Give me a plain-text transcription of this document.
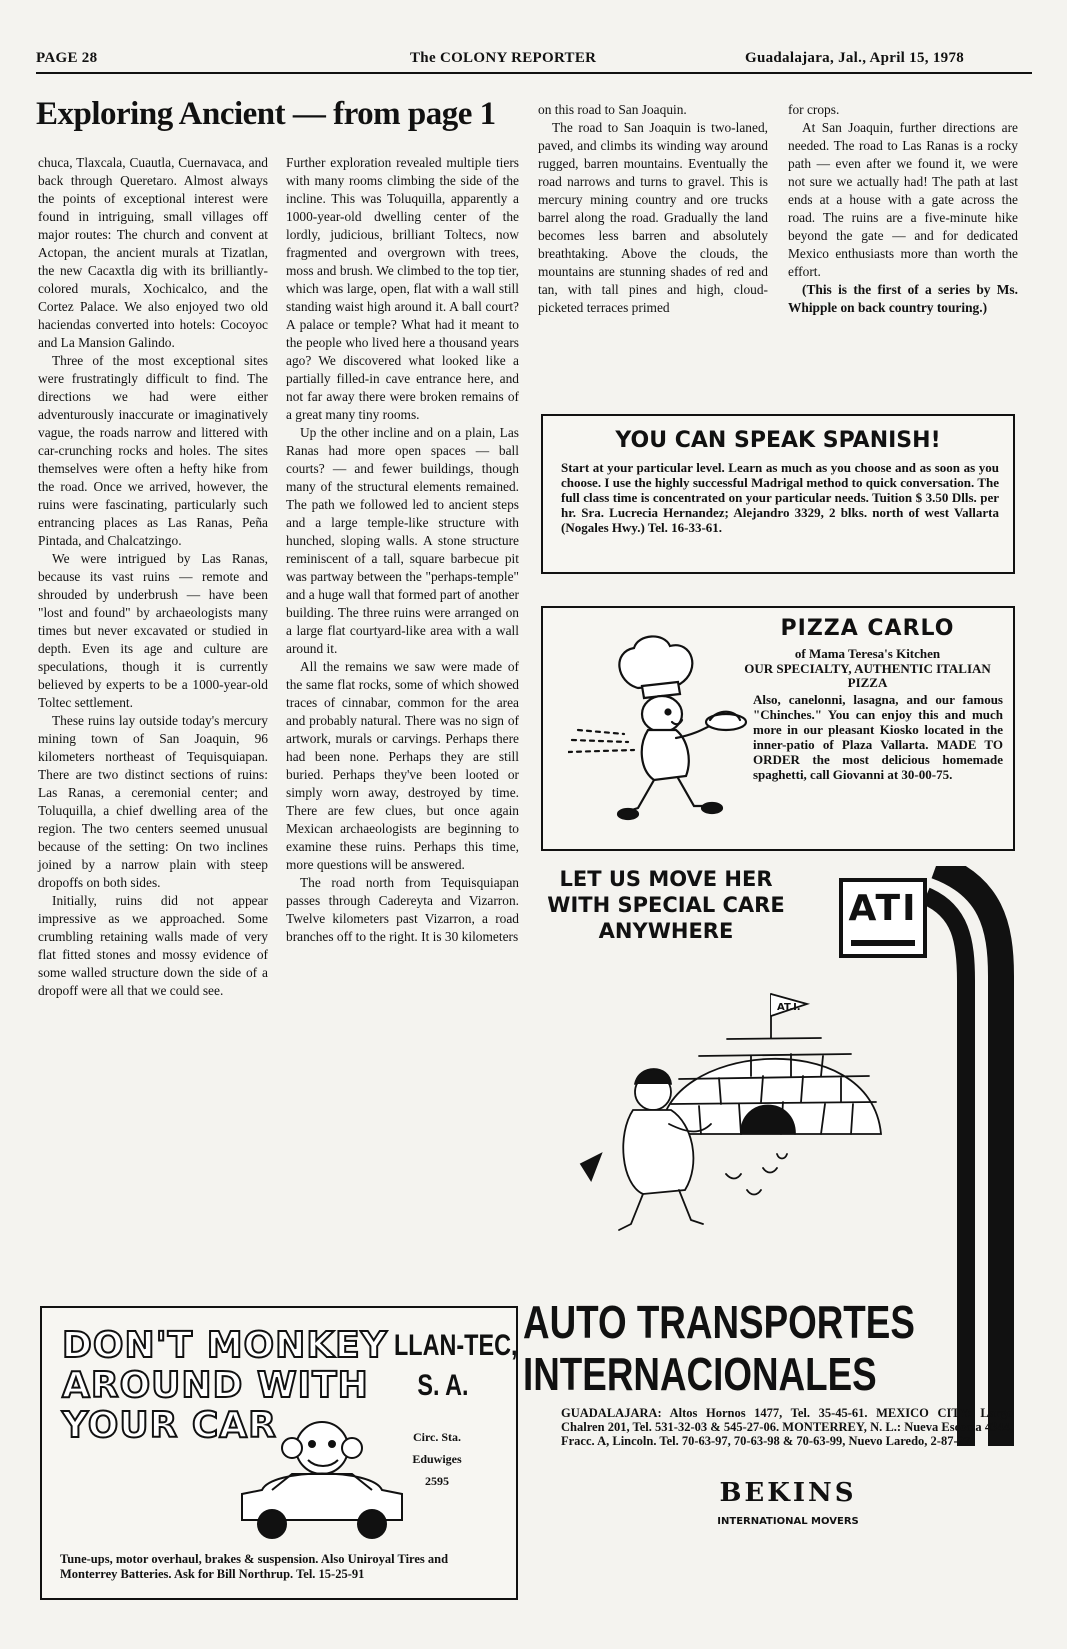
PAGE 28	The COLONY REPORTER	Guadalajara, Jal., April 15, 1978
Exploring Ancient — from page 1

chuca, Tlaxcala, Cuautla, Cuernavaca, and back through Queretaro. Almost always the points of exceptional interest were found in intriguing, small villages off major routes: The church and convent at Actopan, the ancient murals at Tizatlan, the new Cacaxtla dig with its brilliantly-colored murals, Xochicalco, and the Cortez Palace. We also enjoyed two old haciendas converted into hotels: Cocoyoc and La Mansion Galindo.

Three of the most exceptional sites were frustratingly difficult to find. The directions we had were either adventurously inaccurate or imaginatively vague, the roads narrow and littered with car-crunching rocks and holes. The sites themselves were often a hefty hike from the road. Once we arrived, however, the ruins were fascinating, particularly such entrancing places as Las Ranas, Peña Pintada, and Chalcatzingo.

We were intrigued by Las Ranas, because its vast ruins — remote and shrouded by underbrush — have been "lost and found" by archaeologists many times but never excavated or studied in depth. Even its age and culture are speculations, though it is currently believed by experts to be a 1000-year-old Toltec settlement.

These ruins lay outside today's mercury mining town of San Joaquin, 96 kilometers northeast of Tequisquiapan. There are two distinct sections of ruins: Las Ranas, a ceremonial center; and Toluquilla, a chief dwelling area of the region. The two centers seemed unusual because of the setting: On two inclines joined by a narrow plain with steep dropoffs on both sides.

Initially, ruins did not appear impressive as we approached. Some crumbling retaining walls made of very flat fitted stones and mossy evidence of some walled structure down the side of a dropoff were all that we could see.

Further exploration revealed multiple tiers with many rooms climbing the side of the incline. This was Toluquilla, apparently a 1000-year-old dwelling center of the lordly, judicious, brilliant Toltecs, now fragmented and overgrown with trees, moss and brush. We climbed to the top tier, which was large, open, flat with a wall still standing waist high around it. A ball court? A palace or temple? What had it meant to the people who lived here a thousand years ago? We discovered what looked like a partially filled-in cave entrance here, and not far away there were broken remains of a great many tiny rooms.

Up the other incline and on a plain, Las Ranas had more open spaces — ball courts? — and fewer buildings, though many of the structural elements remained. The path we followed led to ancient steps and a large temple-like structure with hunched, sloping walls. A stone structure reminiscent of a tall, square barbecue pit was partway between the "perhaps-temple" and a huge wall that formed part of another building. The three ruins were arranged on a large flat courtyard-like area with a wall around it.

All the remains we saw were made of the same flat rocks, some of which showed traces of cinnabar, common for the area and probably natural. There was no sign of artwork, murals or carvings. Perhaps there had been none. Perhaps they are still buried. Perhaps they've been looted or simply worn away, destroyed by time. There are few clues, but once again Mexican archaeologists are beginning to examine these ruins. Perhaps this time, more questions will be answered.

The road north from Tequisquiapan passes through Cadereyta and Vizarron. Twelve kilometers past Vizarron, a road branches off to the right. It is 30 kilometers

on this road to San Joaquin.

The road to San Joaquin is two-laned, paved, and climbs its winding way around rugged, barren mountains. Eventually the road narrows and turns to gravel. This is mercury mining country and ore trucks barrel along the road. Gradually the land becomes less barren and absolutely breathtaking. Above the clouds, the mountains are stunning shades of red and tan, with tall pines and high, cloud-picketed terraces primed

for crops.

At San Joaquin, further directions are needed. The road to Las Ranas is a rocky path — even after we found it, we were not sure we actually had! The path at last ends at a house with a gate across the road. The ruins are a five-minute hike beyond the gate — and for dedicated Mexico enthusiasts more than worth the effort.

(This is the first of a series by Ms. Whipple on back country touring.)

YOU CAN SPEAK SPANISH!
Start at your particular level. Learn as much as you choose and as soon as you choose. I use the highly successful Madrigal method to quick conversation. The full class time is concentrated on your particular needs. Tuition $ 3.50 Dlls. per hr. Sra. Lucrecia Hernandez; Alejandro 3329, 2 blks. north of west Vallarta (Nogales Hwy.) Tel. 16-33-61.
PIZZA CARLO
of Mama Teresa's Kitchen
OUR SPECIALTY, AUTHENTIC ITALIAN PIZZA
Also, canelonni, lasagna, and our famous "Chinches." You can enjoy this and much more in our pleasant Kiosko located in the inner-patio of Plaza Vallarta. MADE TO ORDER the most delicious homemade spaghetti, call Giovanni at 30-00-75.
LET US MOVE HER
WITH SPECIAL CARE
ANYWHERE
ATI
AT.I.
AUTO TRANSPORTES
INTERNACIONALES
GUADALAJARA: Altos Hornos 1477, Tel. 35-45-61. MEXICO CITY: Largo Chalren 201, Tel. 531-32-03 & 545-27-06. MONTERREY, N. L.: Nueva Escocia 4344, Fracc. A, Lincoln. Tel. 70-63-97, 70-63-98 & 70-63-99, Nuevo Laredo, 2-87-27.
BEKINS
INTERNATIONAL MOVERS
DON'T MONKEY
AROUND WITH
YOUR CAR
LLAN-TEC,
S. A.
Circ. Sta.
Eduwiges
2595
Tune-ups, motor overhaul, brakes & suspension. Also Uniroyal Tires and Monterrey Batteries. Ask for Bill Northrup. Tel. 15-25-91
